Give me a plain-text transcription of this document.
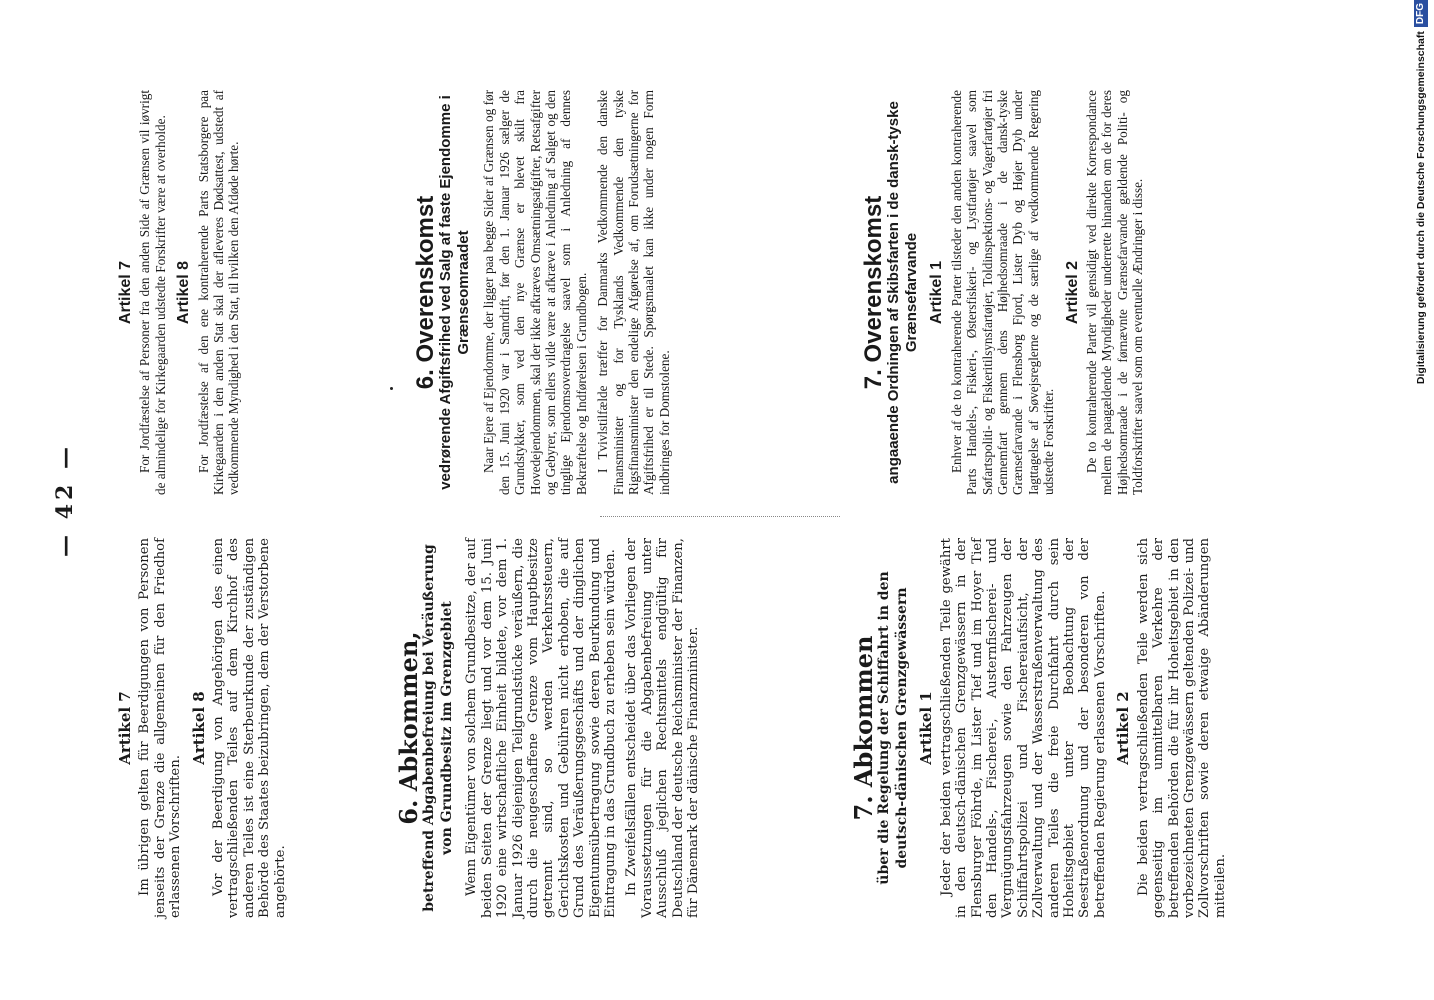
— 42 —
Artikel 7 Im übrigen gelten für Beerdigungen von Personen jenseits der Grenze die allgemeinen für den Friedhof erlassenen Vorschriften.

Artikel 8 Vor der Beerdigung von Angehörigen des einen vertragschließenden Teiles auf dem Kirchhof des anderen Teiles ist eine Sterbeurkunde der zuständigen Behörde des Staates beizubringen, dem der Verstorbene angehörte.

6. Abkommen,
betreffend Abgabenbefreiung bei Veräußerung von Grundbesitz im Grenzgebiet Wenn Eigentümer von solchem Grundbesitze, der auf beiden Seiten der Grenze liegt und vor dem 15. Juni 1920 eine wirtschaftliche Einheit bildete, vor dem 1. Januar 1926 diejenigen Teilgrundstücke veräußern, die durch die neugeschaffene Grenze vom Hauptbesitze getrennt sind, so werden Verkehrssteuern, Gerichtskosten und Gebühren nicht erhoben, die auf Grund des Veräußerungsgeschäfts und der dinglichen Eigentumsübertragung sowie deren Beurkundung und Eintragung in das Grundbuch zu erheben sein würden. In Zweifelsfällen entscheidet über das Vorliegen der Voraussetzungen für die Abgabenbefreiung unter Ausschluß jeglichen Rechtsmittels endgültig für Deutschland der deutsche Reichsminister der Finanzen, für Dänemark der dänische Finanzminister.	7. Abkommen
über die Regelung der Schiffahrt in den deutsch-dänischen Grenzgewässern Artikel 1 Jeder der beiden vertragschließenden Teile gewährt in den deutsch-dänischen Grenzgewässern in der Flensburger Föhrde, im Lister Tief und im Hoyer Tief den Handels-, Fischerei-, Austernfischerei- und Vergnügungsfahrzeugen sowie den Fahrzeugen der Schiffahrtspolizei und Fischereiaufsicht, der Zollverwaltung und der Wasserstraßenverwaltung des anderen Teiles die freie Durchfahrt durch sein Hoheitsgebiet unter Beobachtung der Seestraßenordnung und der besonderen von der betreffenden Regierung erlassenen Vorschriften. Artikel 2 Die beiden vertragschließenden Teile werden sich gegenseitig im unmittelbaren Verkehre der betreffenden Behörden die für ihr Hoheitsgebiet in den vorbezeichneten Grenzgewässern geltenden Polizei- und Zollvorschriften sowie deren etwaige Abänderungen mitteilen.

Artikel 7 For Jordfæstelse af Personer fra den anden Side af Grænsen vil iøvrigt de almindelige for Kirkegaarden udstedte Forskrifter være at overholde. Artikel 8 For Jordfæstelse af den ene kontraherende Parts Statsborgere paa Kirkegaarden i den anden Stat skal der afleveres Dødsattest, udstedt af vedkommende Myndighed i den Stat, til hvilken den Afdøde hørte.	6. Overenskomst
vedrørende Afgiftsfrihed ved Salg af faste Ejendomme i Grænseomraadet Naar Ejere af Ejendomme, der ligger paa begge Sider af Grænsen og før den 15. Juni 1920 var i Samdrift, før den 1. Januar 1926 sælger de Grundstykker, som ved den nye Grænse er blevet skilt fra Hovedejendommen, skal der ikke afkræves Omsætningsafgifter, Retsafgifter og Gebyrer, som ellers vilde være at afkræve i Anledning af Salget og den tinglige Ejendomsoverdragelse saavel som i Anledning af dennes Bekræftelse og Indførelsen i Grundbogen. I Tvivlstilfælde træffer for Danmarks Vedkommende den danske Finansminister og for Tysklands Vedkommende den tyske Rigsfinansminister den endelige Afgørelse af, om Forudsætningerne for Afgiftsfrihed er til Stede. Spørgsmaalet kan ikke under nogen Form indbringes for Domstolene.

7. Overenskomst
angaaende Ordningen af Skibsfarten i de dansk-tyske Grænsefarvande Artikel 1 Enhver af de to kontraherende Parter tilsteder den anden kontraherende Parts Handels-, Fiskeri-, Østersfiskeri- og Lystfartøjer saavel som Søfartspoliti- og Fiskeritilsynsfartøjer, Toldinspektions- og Vagerfartøjer fri Gennemfart gennem dens Højhedsomraade i de dansk-tyske Grænsefarvande i Flensborg Fjord, Lister Dyb og Højer Dyb under Iagttagelse af Søvejsreglerne og de særlige af vedkommende Regering udstedte Forskrifter.

Artikel 2 De to kontraherende Parter vil gensidigt ved direkte Korrespondance mellem de paagældende Myndigheder underrette hinanden om de for deres Højhedsomraade i de førnævnte Grænsefarvande gældende Politi- og Toldforskrifter saavel som om eventuelle Ændringer i disse.	Digitalisierung gefördert durch die Deutsche ForschungsgemeinschaftDFG
